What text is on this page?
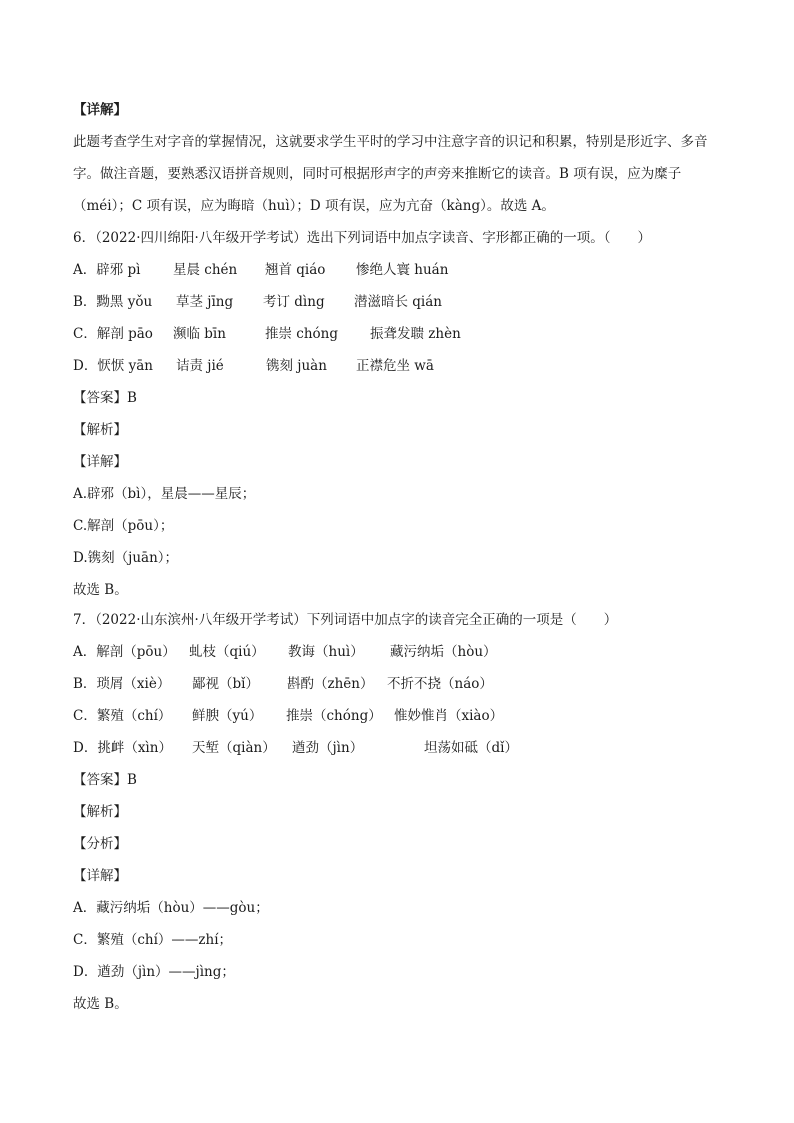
【详解】
此题考查学生对字音的掌握情况，这就要求学生平时的学习中注意字音的识记和积累，特别是形近字、多音字。做注音题，要熟悉汉语拼音规则，同时可根据形声字的声旁来推断它的读音。B 项有误，应为糜子（méi）；C 项有误，应为晦暗（huì）；D 项有误，应为亢奋（kàng）。故选 A。
6．（2022·四川绵阳·八年级开学考试）选出下列词语中加点字读音、字形都正确的一项。（　　）
A．辟邪 pì 星晨 chén 翘首 qiáo 惨绝人寰 huán
B．黝黑 yǒu 草茎 jīng 考订 dìng 潜滋暗长 qián
C．解剖 pāo 濒临 bīn	推崇 chóng 振聋发聩 zhèn
D．恹恹 yān 诘责 jié	镌刻 juàn 正襟危坐 wā
【答案】B
【解析】
【详解】
A.辟邪（bì），星晨——星辰；
C.解剖（pōu）；
D.镌刻（juān）；
故选 B。
7．（2022·山东滨州·八年级开学考试）下列词语中加点字的读音完全正确的一项是（　　）
A．解剖（pōu） 虬枝（qiú） 教诲（huì） 藏污纳垢（hòu）
B．琐屑（xiè） 鄙视（bǐ） 斟酌（zhēn） 不折不挠（náo）
C．繁殖（chí） 鲜腴（yú） 推崇（chóng） 惟妙惟肖（xiào）
D．挑衅（xìn） 天堑（qiàn） 遒劲（jìn）	坦荡如砥（dǐ）
【答案】B
【解析】
【分析】
【详解】
A．藏污纳垢（hòu）——gòu；
C．繁殖（chí）——zhí；
D．遒劲（jìn）——jìng；
故选 B。
